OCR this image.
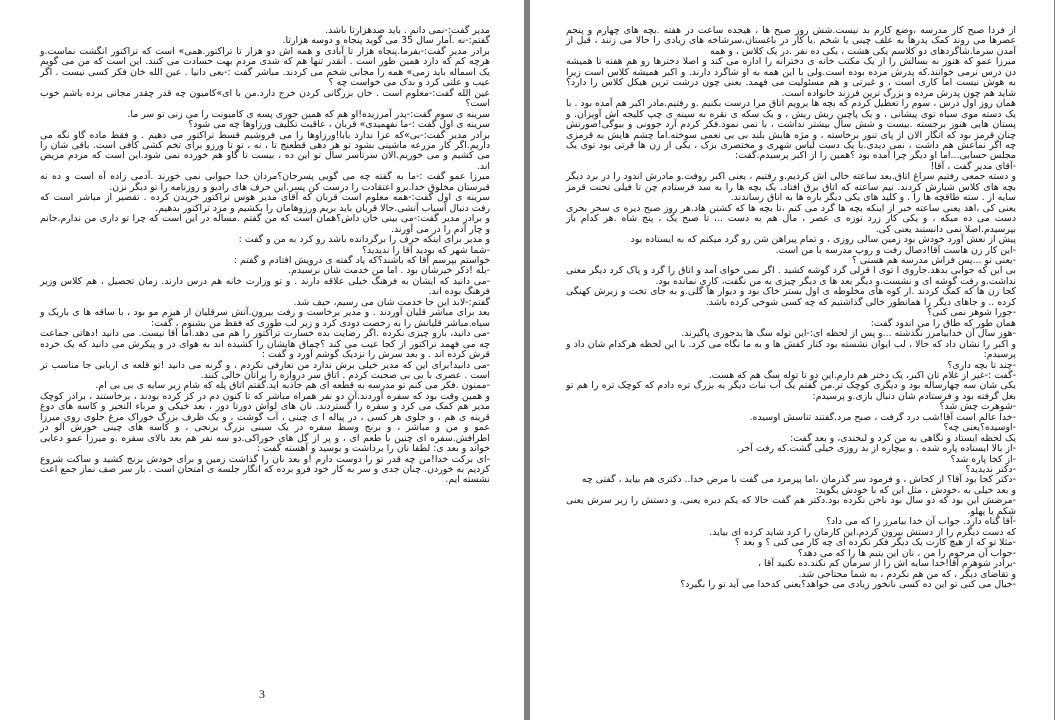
مدیر گفت:-نمی دانم . باید صدهزارتا باشد.

گفتم:-نه .آمار سال 35 می گوید پنجاه و دوسه هزارتا.

برادر مدیر گفت:-بفرما.پنجاه هزار تا آبادی و همه اش دو هزار تا تراکتور.همی» است که تراکتور انگشت نماست.و هرچه کم که دارد همین طور است . آنقدر تنها هم که شدی مردم بهت حسادت می کنند. این است که من می گویم یک اسماله باید زمی» همه را مجانی شخم می کردند. مباشر گفت :-بعی دانیا . عین الله خان فکر کسی نیست . اگر عیب و علتی کرد و بدک می خواست چه ؟

عین الله گفت:-معلوم است . خان بزرگانی کردن خرج دارد.من با ای»کامیون چه قدر چقدر مجانی برده باشم خوب است؟

سرینه ی سوم گفت:-پدر آمرزیده!او هم که همین جوری پسه ی کامیونت را می زنی تو سر ما.

سرینه ی اول گفت :-ما نفهمیدی» قربان ، عاقبت تکلیف ورزاوها چه می شود؟

برادر مدیر گفت:-بی»که عزا ندارد بابا!ورزاوها را می فروشیم قسط تراکتور می دهیم . و فقط ماده گاو نگه می داریم.اگر کار مزرعه ماشینی بشود تو هر دهی قطعنج تا ، نه ، تو تا ورزو برای تخم کشی کافی است. باقی شان را می کشیم و می خوریم.الان سرتاسر سال تو این ده ، بیست تا گاو هم خورده نمی شود.این است که مردم مریض اند.

میرزا عمو گفت :-ما به گفته چه می گویی پسرجان؟مردان خدا حیوانی نمی خورند .آدمی زاده آه است و ده نه قبرستان مخلوق خدا.برو اعتقادت را درست کن پسر.این حرف های رادیو و روزنامه را تو دیگر نزن.

سرینه ی اول گفت:-همه معلوم است قربان که آقای مدیر هوس تراکتور خریدن کرده . تقصیر از مباشر است که رفت دنبال آسیاب آتشی.حالا قربان باید بریم ورزوهامان را بکشیم و مزد تراکتور بدهیم.

و برادر مدیر گفت:-می بینی خان داش؟همان است که من گفتم .مساله در این است که چرا تو داری من ندارم.جانم و چار آدم را در می آورند.

و مدیر برای اینکه حرف را برگردانده باشد رو کرد به من و گفت :

-شما شهر که بودید آقا را ندیدید؟

خواستم بپرسم آقا که باشند؟که یاد گفته ی درویش افتادم و گفتم :

-بله !ذکر خیرشان بود . اما من خدمت شان نرسیدم.

-می دانید که ایشان به فرهنگ خیلی علاقه دارند . و تو وزارت خانه هم درس دارند. زمان تحصیل ، هم کلاس وزیر فرهنگ بوده اند.

گفتم:-لابد این جا خدمت شان می رسیم، حیف شد.

بعد برای مباشر قلیان آوردند . و مدیر برخاست و رفت بیرون.آتش سرقلیان از هیزم مو بود ، با ساقه ها ی باریک و سیاه.مباشر قلیانش را به رخصت دودی کرد و زیر لب طوری که فقط من بشنوم ، گفت:

-می دانید، بارو چیزی نکرده .اگر رضایت بده خسارت تراکتور را هم می دهد.اما آقا نیست. می دانید !دهاتی جماعت چه می فهمد تراکتور از کجا عیب می کند ؟چماق هایشان را کشیده اند به هوای در و پیکرش می دانید که یک خرده قرش کرده اند . و بعد سرش را نزدیک گوشم آورد و گفت :

-می دانید!برای این که مدیر خیلی برش ندارد من تعارفی نکردم ، و گرنه می دانید !تو قلعه ی اربابی جا مناسب تر است . عصری با بی بی صحبت کردم . اتاق سر دروازه را براتان خالی کنند.

-ممنون .فکر می کنم تو مدرسه به قطعه ای هم جاذبه اید.گفتم اتاق پله که شام زیر سایه ی بی بی ام.

و همین وقت بود که سفره آوردند.آن دو نفر همراه مباشر که تا کنون دم در کز کرده بودند ، برخاستند ، برادر کوچک مدیر هم کمک می کرد و سفره را گستردند. نان های لواش دورتا دور ، بعد خیکی و مرباء النجیر و کاسه های دوغ قرینه ی هم ، و جلوی هر کسی ، در پیاله ا ی چینی ، آب گوشت ، و یک ظرف بزرگ خوراک مرغ جلوی روی میرزا عمو و من و مباشر ، و برنج وسط سفره در یک سینی بزرگ برنجی ، و کاسه های چینی خورش آلو در اطرافش.سفره ای چنین با طعم ای ، و پر از گل های خوراکی.دو سه نفر هم بعد بالای سفره .و میرزا عمو دعایی خواند و بعد ی: لطفا نان را برداشت و بوسید و آهسته گفت :

-ای برکت خدا!من چه قدر تو را دوست دارم !و بعد نان را گذاشت زمین و برای خودش برنج کشید و ساکت شروع کردیم به خوردن. چنان جدی و سر به کار خود فرو برده که انگار جلسه ی امتحان است . بار سر صف نماز جمع اعت نشسته ایم.

3

از فردا صبح کار مدرسه ،وضع کارم بد نیست.شش روز صبح ها ، هیجده ساعت در هفته .بچه های چهارم و پنجم عصرها می روند کمک پدرها به علف چینی یا شخم .یا کار در باغستان.سرشاخه های زیادی را حالا می زنند ، قبل از آمدن سرما.شاگردهای دو کلاسم یکی هشت ، یکی ده نفر .در یک کلاس ، و همه

میرزا عمو که هنوز نه بسالش را از یک مکتب خانه ی دخترانه را اداره می کند و اصلا دخترها رو هم هفته تا همیشه دن درس نرمی خوانند.که پدرش مرده بوده است.ولی با این همه به او شاگرد دارند. و اکبر همیشه کلاس است زیرا به هوش نیست اما کاری است ، و غیرتی و هم مسئولیت می فهمد. یعنی چون درشت ترین هیکل کلاس را دارد؟ شاید هم چون پدرش مرده و بزرگ ترین فرزند خانواده است.

همان روز اول درس ، سوم را تعطیل کردم که بچه ها برویم اتاق مرا درست بکنیم .و رفتیم.مادر اکبر هم آمده بود . با یک دسته موی سیاه توی پیشانی ، و یک پاچین ریش ریش ، و یک سکه ی نقره به سینه ی چپ کلیجه اش آویزان. و پستان هایی هنوز برجسته .بیست و شش سال بیشتر نداشت ، با نمی نمود.فکر کردم آرد جوونی و بیوگی!صورتش چنان قرمز بود که انگار الان از پای تنور برخاسته ، و مژه هایش بلند بی بی نعمی سوخته.اما چشم هایش به قرمزی چه اگر نماعش هم داشت ، نمی دیدی.با یک دست لباس شهری و مختصری بزک ، یکی از زن ها قرتی بود توی یک مجلس حسابی...اما او دیگر چرا آمده بود ؟همین را از اکبر پرسیدم.گفت:

-آقای مدیر گفت ، آقا!

و دسته جمعی رفتیم سراغ اتاق.بعد ساعته خالی اش کردیم.و رفتیم ، یعنی اکبر روفت.و مادرش اندود را در برد دیگر بچه های کلاس شیارش کردند. نیم ساعته که اتاق برق افتاد. یک بچه ها را به سد فرستادم چن تا فیلی تحنت قرمز سایه از . سته طاقچه ها را . و کلید های یکی دیگر باره ها به اناق رساندند.

یعنی کی ،اهد یعنی ساعته خبر از اینکه بچه ها گرد می کنم ،تا بچه ها که کشتن هاد.هر روز صبح دیره ی سحر بحری دست می ده میکه ، و یکی کار زرد توزه ی عصر ، مال هم به دست ..، تا صبح یک ، پنج شاه .هر کدام باز بپرسیدم.اصلا نمی دانستند یعنی کی.

پیش از نعش آورد خودش بود زمین سالی روزی ، و تمام پیراهن شن رو گرد میکنم که به ایستاده بود

-این کار زن هاست آقا!دصال رفت و روپ مدرسه با من است.

-یعنی تو ...پس فراش مدرسه هم هستی ؟

بی این که جوابی بدهد.جاروی ا توی ا قرلی گرد گوشه کشید . اگر نمی خوای آمد و اتاق را گرد و پاک کرد دیگر معنی نداشت.و رفت گوشه ای و نشست.و دیگر بعد ها ی دیگر چیزی به من نگفت، کاری نمانده بود.

کجا زن ها که کمک کردند .ار کوه های مخلوطه ی اول بستر خاک بود و دیوار ها گلی.و به جای تخت و زیرش کهنگی کرده .. و جاهای دیگر را همانطور خالی گذاشتیم که چه کسی شوخی کرده باشد.

-جورا شوهر نمی کنی؟

همان طور که طاق را می اندود گفت:

-هوز سال آن خدابیامرز نگذشته ...و پس از لحظه ای:-این توله سگ ها بدجوری پاگیرند.

و اکبر را نشان داد که حالا ، لب ایوان نشسته بود کنار کفش ها و به ما نگاه می کرد. با این لحظه هرکدام شان داد و پرسیدم:

-چند تا بچه داری؟

-گفت :-غیر از غلام تان اکبر، یک دختر هم دارم.این دو تا توله سگ هم که هست.

یکی شان سه چهارساله بود و دیگری کوچک تر.من گفتم یک آب نبات دیگر به بزرگ تره دادم که کوچک تره را هم تو بغل گرفته بود و فرستادم شان دنبال بازی.و پرسیدم:

-شوهرت چش شد؟

-خدا عالم است آقا!شب درد گرفت ، صبح مرد.گفتند تناسش اوسیده.

-اوسیده؟یعنی چه؟

یک لحظه ایستاد و نگاهی به من کرد و لبخندی، و بعد گفت:

-از بالا ایستاده پاره شده . و بیچاره از بد روزی خیلی گشت.که رفت آخر.

-از کجا پاره شد؟

-دکتر ندیدید؟

-دکتر کجا بود آقا؟ از کجاش ، و فرمود سر گذرمان ،اما پیرمرد می گفت با مرض خدا.. دکتری هم بیاید ، گفتی چه

و بعد خیلی به ،خودش ، مثل این که با خودش بگوید:

-مرضش این بود که دو سال بود ناخن نکرده بود.دکتر هم گفت حالا که یکم دیره یعنی. و دستش را زیر سرش یعنی شکم یا پهلو.

-آقا گناه دارد. جواب آن خدا بیامرز را که می داد؟

که دست دیگرم را از دستش بیرون کردم.این کارمان را کرد شاید کرده ای بیاید.

-مثلا تو که از هیچ کارت یک دیگر فکر نکرده ای چه کار می کنی ؟ و بعد ؟

-جواب آن مرحوم را من ، نان این یتیم ها را که می دهد؟

-برادر شوهرم آقا!خدا سایه اش را از سرمان کم نکند.ده نکنید آقا ،

و تقاضای دیگر ، که من هم نکردم ، به شما محتاجی شد.

-خیال می کنی تو این ده کسی نانخور زیادی می خواهد؟یعنی کدخدا می آید تو را بگیرد؟
